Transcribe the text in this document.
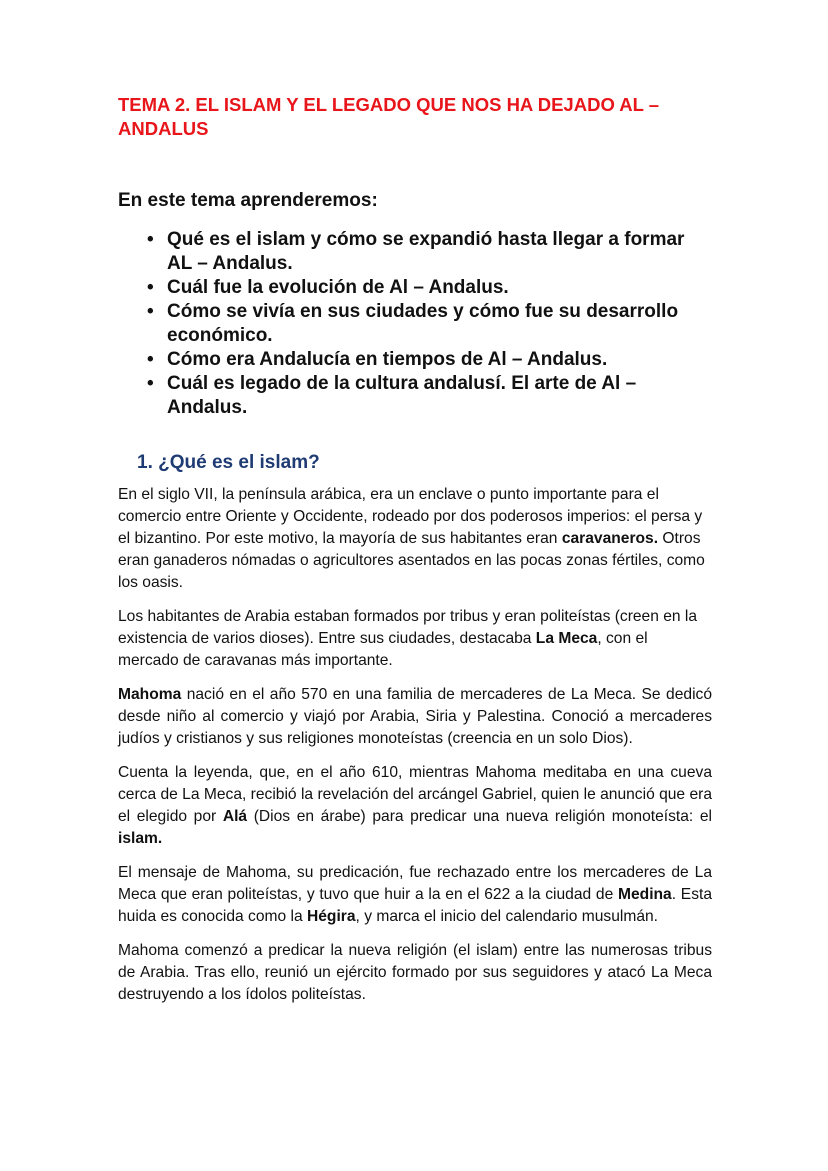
TEMA 2. EL ISLAM Y EL LEGADO QUE NOS HA DEJADO AL – ANDALUS
En este tema aprenderemos:
• Qué es el islam y cómo se expandió hasta llegar a formar AL – Andalus.
• Cuál fue la evolución de Al – Andalus.
• Cómo se vivía en sus ciudades y cómo fue su desarrollo económico.
• Cómo era Andalucía en tiempos de Al – Andalus.
• Cuál es legado de la cultura andalusí. El arte de Al – Andalus.
1. ¿Qué es el islam?

En el siglo VII, la península arábica, era un enclave o punto importante para el comercio entre Oriente y Occidente, rodeado por dos poderosos imperios: el persa y el bizantino. Por este motivo, la mayoría de sus habitantes eran caravaneros. Otros eran ganaderos nómadas o agricultores asentados en las pocas zonas fértiles, como los oasis.

Los habitantes de Arabia estaban formados por tribus y eran politeístas (creen en la existencia de varios dioses). Entre sus ciudades, destacaba La Meca, con el mercado de caravanas más importante.

Mahoma nació en el año 570 en una familia de mercaderes de La Meca. Se dedicó desde niño al comercio y viajó por Arabia, Siria y Palestina. Conoció a mercaderes judíos y cristianos y sus religiones monoteístas (creencia en un solo Dios).

Cuenta la leyenda, que, en el año 610, mientras Mahoma meditaba en una cueva cerca de La Meca, recibió la revelación del arcángel Gabriel, quien le anunció que era el elegido por Alá (Dios en árabe) para predicar una nueva religión monoteísta: el islam.

El mensaje de Mahoma, su predicación, fue rechazado entre los mercaderes de La Meca que eran politeístas, y tuvo que huir a la en el 622 a la ciudad de Medina. Esta huida es conocida como la Hégira, y marca el inicio del calendario musulmán.

Mahoma comenzó a predicar la nueva religión (el islam) entre las numerosas tribus de Arabia. Tras ello, reunió un ejército formado por sus seguidores y atacó La Meca destruyendo a los ídolos politeístas.
